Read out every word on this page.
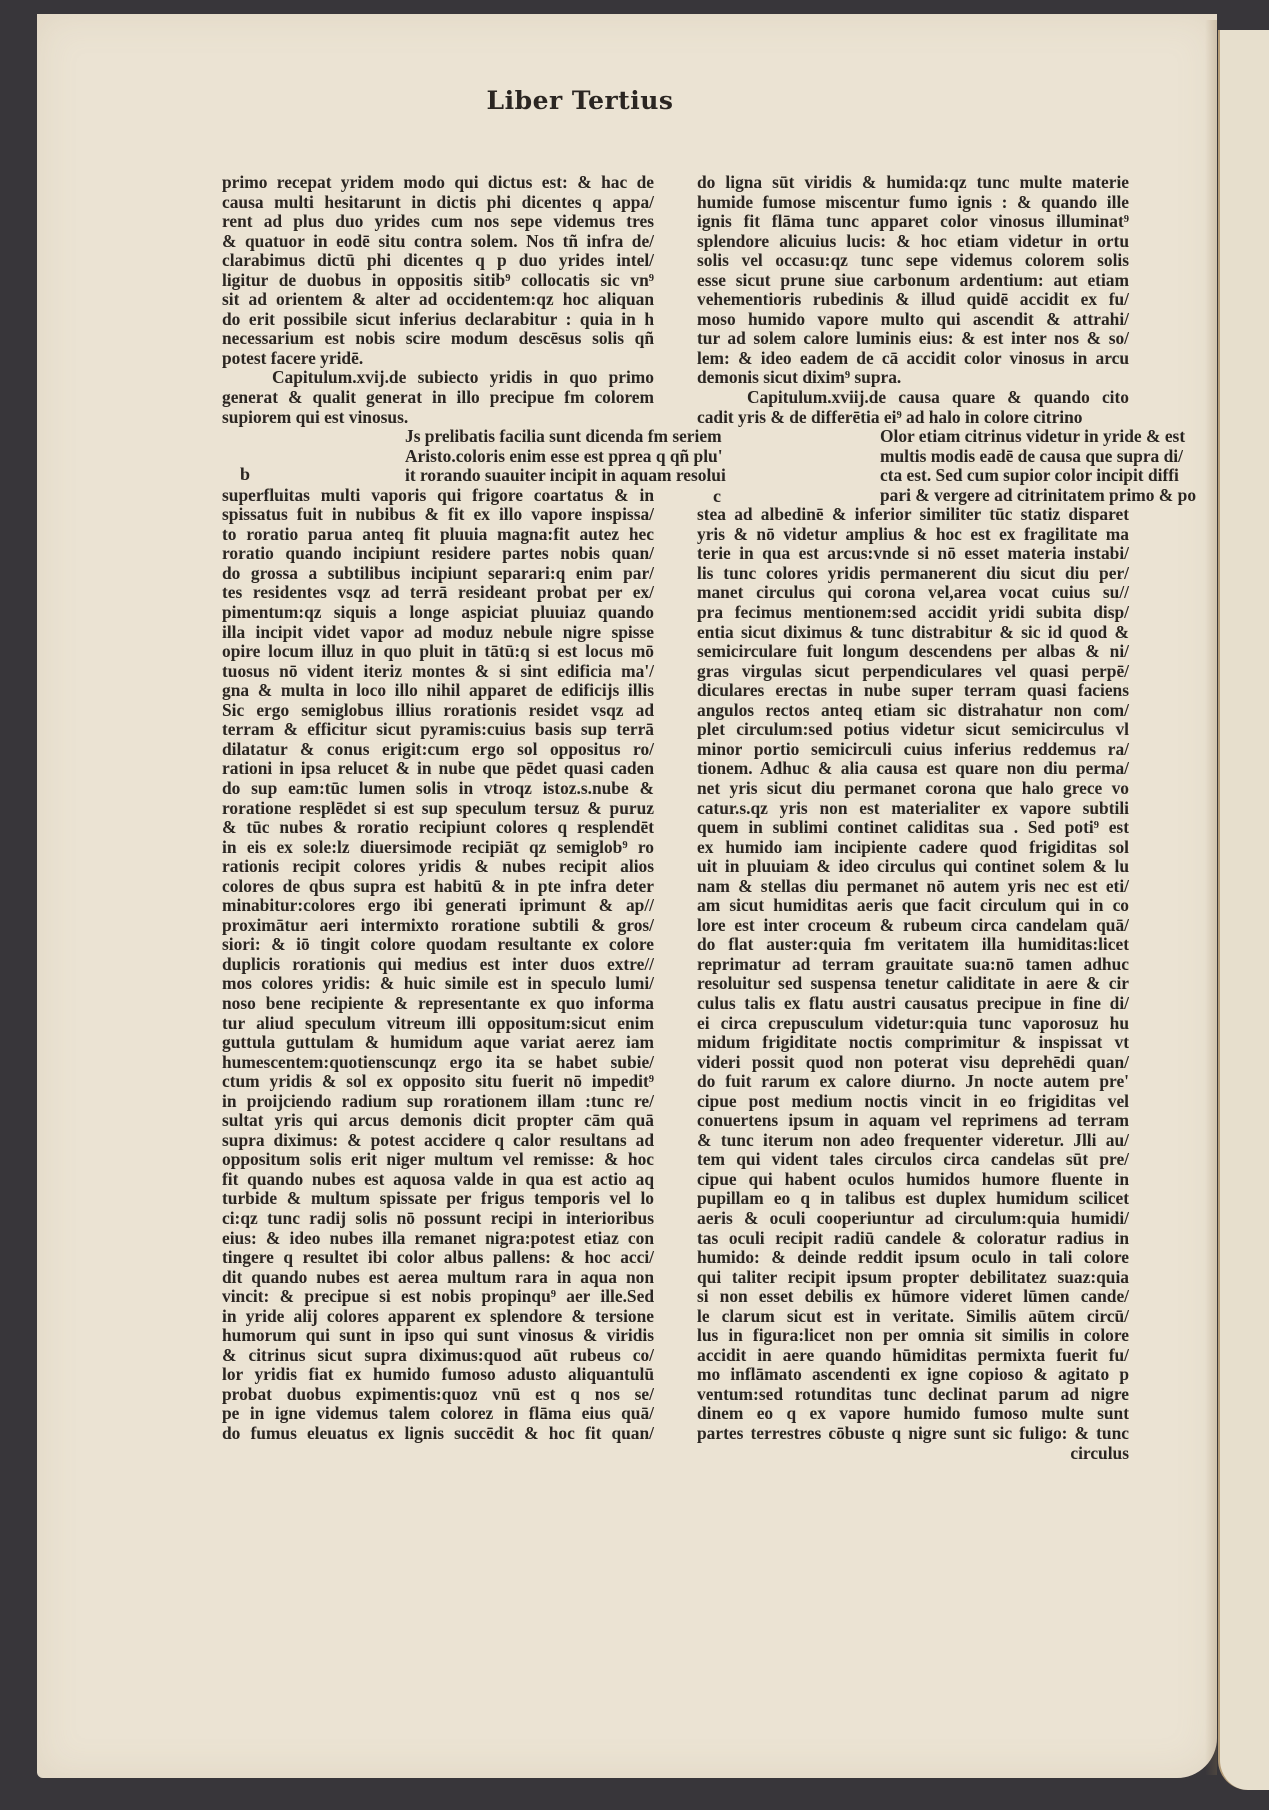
Liber Tertius
primo recepat yridem modo qui dictus est: & hac de
causa multi hesitarunt in dictis phi dicentes q appa/
rent ad plus duo yrides cum nos sepe videmus tres
& quatuor in eodē situ contra solem. Nos tñ infra de/
clarabimus dictū phi dicentes q p duo yrides intel/
ligitur de duobus in oppositis sitib⁹ collocatis sic vn⁹
sit ad orientem & alter ad occidentem:qz hoc aliquan
do erit possibile sicut inferius declarabitur : quia in h
necessarium est nobis scire modum descēsus solis qñ
potest facere yridē.
Capitulum.xvij.de subiecto yridis in quo primo
generat & qualit generat in illo precipue fm colorem
supiorem qui est vinosus.
Js prelibatis facilia sunt dicenda fm seriem
Aristo.coloris enim esse est pprea q qñ plu'
it rorando suauiter incipit in aquam resolui
superfluitas multi vaporis qui frigore coartatus & in
spissatus fuit in nubibus & fit ex illo vapore inspissa/
to roratio parua anteq fit pluuia magna:fit autez hec
roratio quando incipiunt residere partes nobis quan/
do grossa a subtilibus incipiunt separari:q enim par/
tes residentes vsqz ad terrā resideant probat per ex/
pimentum:qz siquis a longe aspiciat pluuiaz quando
illa incipit videt vapor ad moduz nebule nigre spisse
opire locum illuz in quo pluit in tātū:q si est locus mō
tuosus nō vident iteriz montes & si sint edificia ma'/
gna & multa in loco illo nihil apparet de edificijs illis
Sic ergo semiglobus illius rorationis residet vsqz ad
terram & efficitur sicut pyramis:cuius basis sup terrā
dilatatur & conus erigit:cum ergo sol oppositus ro/
rationi in ipsa relucet & in nube que pēdet quasi caden
do sup eam:tūc lumen solis in vtroqz istoz.s.nube &
roratione resplēdet si est sup speculum tersuz & puruz
& tūc nubes & roratio recipiunt colores q resplendēt
in eis ex sole:lz diuersimode recipiāt qz semiglob⁹ ro
rationis recipit colores yridis & nubes recipit alios
colores de qbus supra est habitū & in pte infra deter
minabitur:colores ergo ibi generati iprimunt & ap//
proximātur aeri intermixto roratione subtili & gros/
siori: & iō tingit colore quodam resultante ex colore
duplicis rorationis qui medius est inter duos extre//
mos colores yridis: & huic simile est in speculo lumi/
noso bene recipiente & representante ex quo informa
tur aliud speculum vitreum illi oppositum:sicut enim
guttula guttulam & humidum aque variat aerez iam
humescentem:quotienscunqz ergo ita se habet subie/
ctum yridis & sol ex opposito situ fuerit nō impedit⁹
in proijciendo radium sup rorationem illam :tunc re/
sultat yris qui arcus demonis dicit propter cām quā
supra diximus: & potest accidere q calor resultans ad
oppositum solis erit niger multum vel remisse: & hoc
fit quando nubes est aquosa valde in qua est actio aq
turbide & multum spissate per frigus temporis vel lo
ci:qz tunc radij solis nō possunt recipi in interioribus
eius: & ideo nubes illa remanet nigra:potest etiaz con
tingere q resultet ibi color albus pallens: & hoc acci/
dit quando nubes est aerea multum rara in aqua non
vincit: & precipue si est nobis propinqu⁹ aer ille.Sed
in yride alij colores apparent ex splendore & tersione
humorum qui sunt in ipso qui sunt vinosus & viridis
& citrinus sicut supra diximus:quod aūt rubeus co/
lor yridis fiat ex humido fumoso adusto aliquantulū
probat duobus expimentis:quoz vnū est q nos se/
pe in igne videmus talem colorez in flāma eius quā/
do fumus eleuatus ex lignis succēdit & hoc fit quan/
do ligna sūt viridis & humida:qz tunc multe materie
humide fumose miscentur fumo ignis : & quando ille
ignis fit flāma tunc apparet color vinosus illuminat⁹
splendore alicuius lucis: & hoc etiam videtur in ortu
solis vel occasu:qz tunc sepe videmus colorem solis
esse sicut prune siue carbonum ardentium: aut etiam
vehementioris rubedinis & illud quidē accidit ex fu/
moso humido vapore multo qui ascendit & attrahi/
tur ad solem calore luminis eius: & est inter nos & so/
lem: & ideo eadem de cā accidit color vinosus in arcu
demonis sicut dixim⁹ supra.
Capitulum.xviij.de causa quare & quando cito
cadit yris & de differētia ei⁹ ad halo in colore citrino
Olor etiam citrinus videtur in yride & est
multis modis eadē de causa que supra di/
cta est. Sed cum supior color incipit diffi
pari & vergere ad citrinitatem primo & po
stea ad albedinē & inferior similiter tūc statiz disparet
yris & nō videtur amplius & hoc est ex fragilitate ma
terie in qua est arcus:vnde si nō esset materia instabi/
lis tunc colores yridis permanerent diu sicut diu per/
manet circulus qui corona vel,area vocat cuius su//
pra fecimus mentionem:sed accidit yridi subita disp/
entia sicut diximus & tunc distrabitur & sic id quod &
semicirculare fuit longum descendens per albas & ni/
gras virgulas sicut perpendiculares vel quasi perpē/
diculares erectas in nube super terram quasi faciens
angulos rectos anteq etiam sic distrahatur non com/
plet circulum:sed potius videtur sicut semicirculus vl
minor portio semicirculi cuius inferius reddemus ra/
tionem. Adhuc & alia causa est quare non diu perma/
net yris sicut diu permanet corona que halo grece vo
catur.s.qz yris non est materialiter ex vapore subtili
quem in sublimi continet caliditas sua . Sed poti⁹ est
ex humido iam incipiente cadere quod frigiditas sol
uit in pluuiam & ideo circulus qui continet solem & lu
nam & stellas diu permanet nō autem yris nec est eti/
am sicut humiditas aeris que facit circulum qui in co
lore est inter croceum & rubeum circa candelam quā/
do flat auster:quia fm veritatem illa humiditas:licet
reprimatur ad terram grauitate sua:nō tamen adhuc
resoluitur sed suspensa tenetur caliditate in aere & cir
culus talis ex flatu austri causatus precipue in fine di/
ei circa crepusculum videtur:quia tunc vaporosuz hu
midum frigiditate noctis comprimitur & inspissat vt
videri possit quod non poterat visu deprehēdi quan/
do fuit rarum ex calore diurno. Jn nocte autem pre'
cipue post medium noctis vincit in eo frigiditas vel
conuertens ipsum in aquam vel reprimens ad terram
& tunc iterum non adeo frequenter videretur. Jlli au/
tem qui vident tales circulos circa candelas sūt pre/
cipue qui habent oculos humidos humore fluente in
pupillam eo q in talibus est duplex humidum scilicet
aeris & oculi cooperiuntur ad circulum:quia humidi/
tas oculi recipit radiū candele & coloratur radius in
humido: & deinde reddit ipsum oculo in tali colore
qui taliter recipit ipsum propter debilitatez suaz:quia
si non esset debilis ex hūmore videret lūmen cande/
le clarum sicut est in veritate. Similis aūtem circū/
lus in figura:licet non per omnia sit similis in colore
accidit in aere quando hūmiditas permixta fuerit fu/
mo inflāmato ascendenti ex igne copioso & agitato p
ventum:sed rotunditas tunc declinat parum ad nigre
dinem eo q ex vapore humido fumoso multe sunt
partes terrestres cōbuste q nigre sunt sic fuligo: & tunc
circulus
b
c
